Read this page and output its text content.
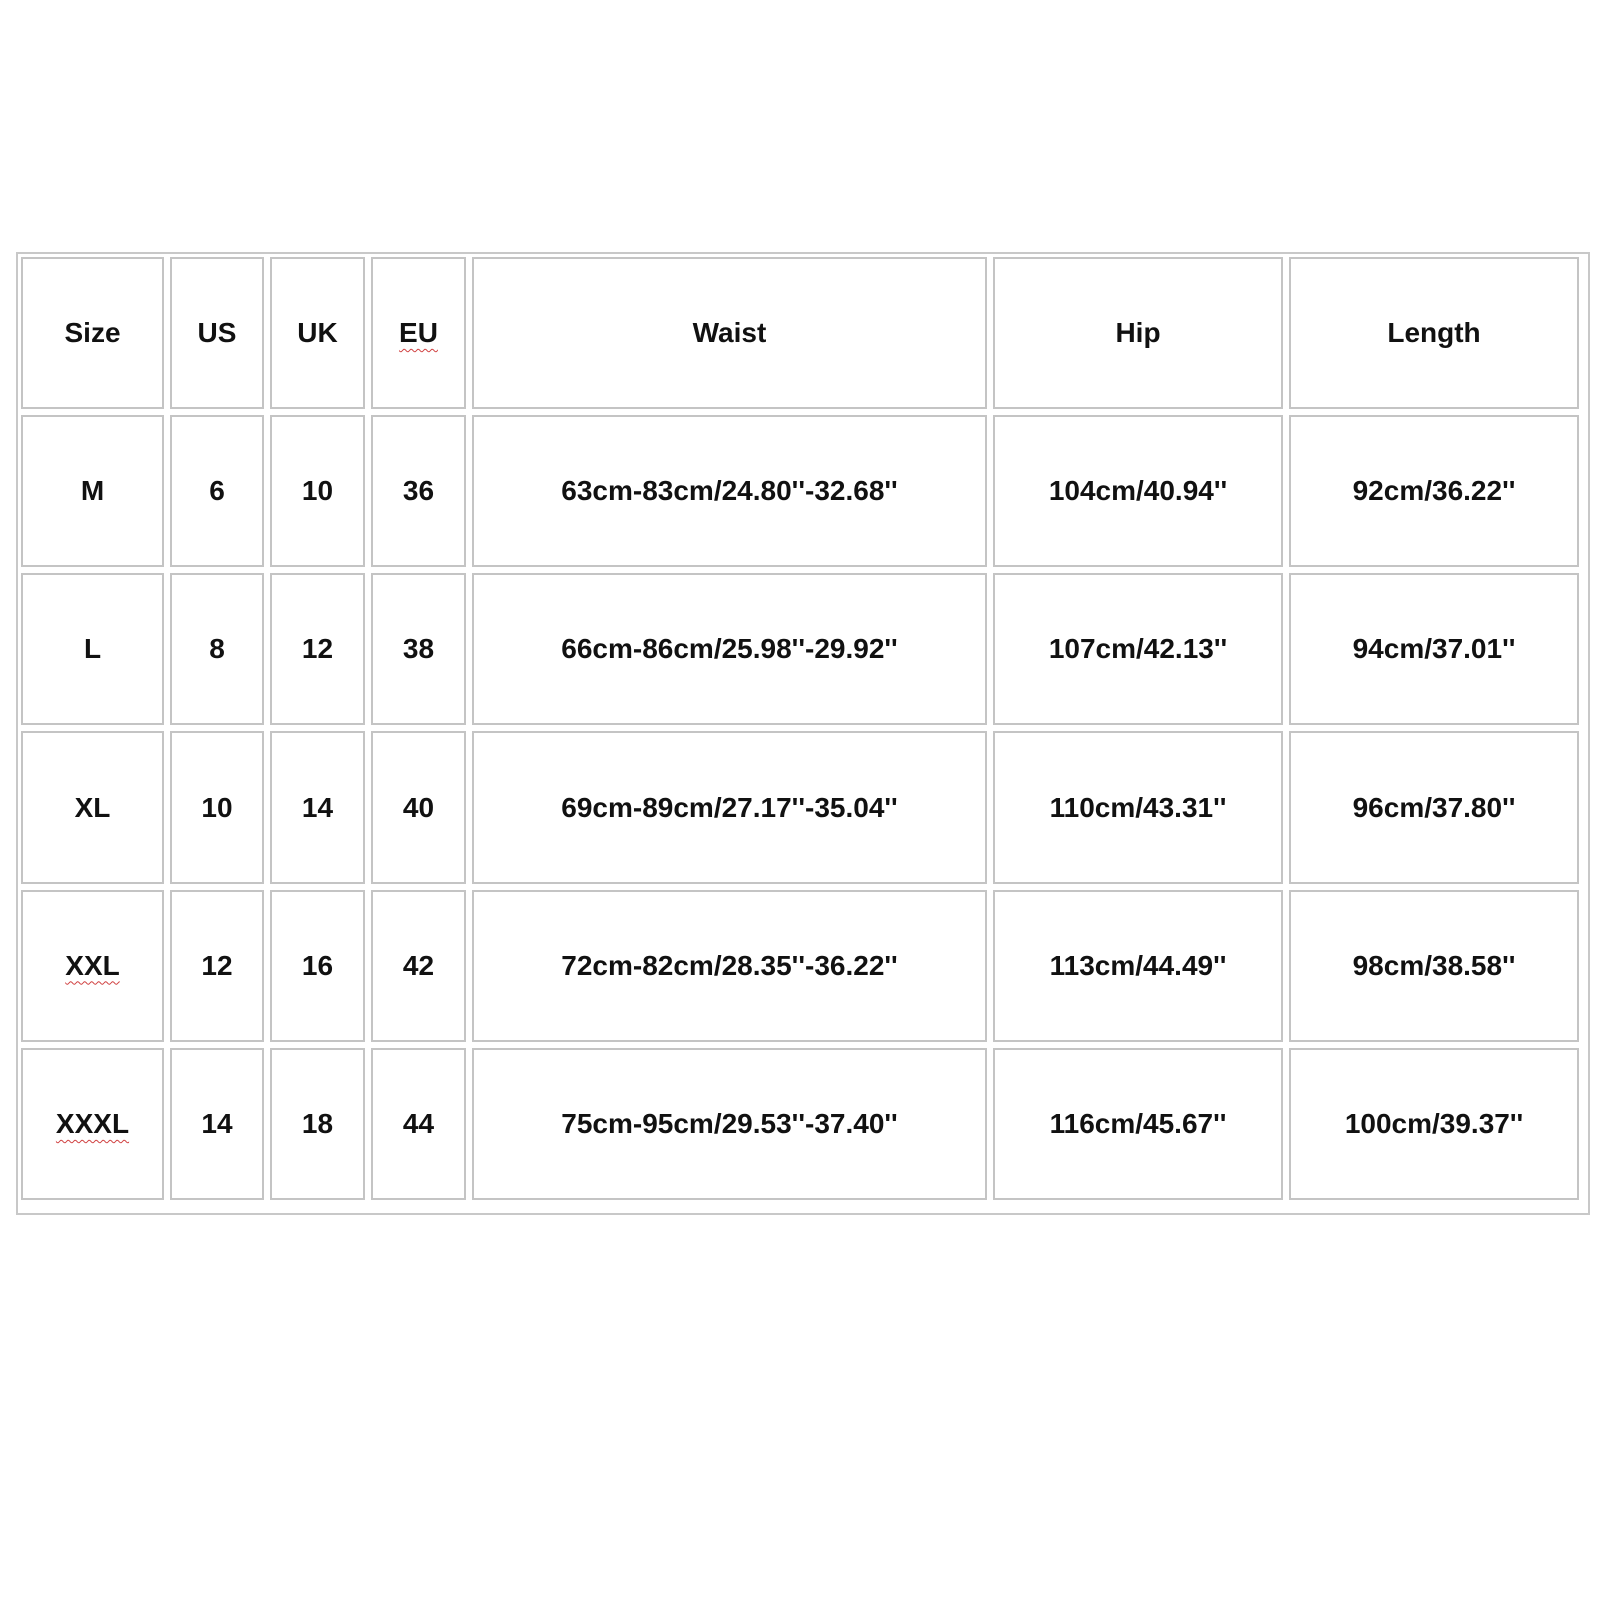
Size	US	UK	EU	Waist	Hip	Length
M	6	10	36	63cm-83cm/24.80''-32.68''	104cm/40.94''	92cm/36.22''
L	8	12	38	66cm-86cm/25.98''-29.92''	107cm/42.13''	94cm/37.01''
XL	10	14	40	69cm-89cm/27.17''-35.04''	110cm/43.31''	96cm/37.80''
XXL	12	16	42	72cm-82cm/28.35''-36.22''	113cm/44.49''	98cm/38.58''
XXXL	14	18	44	75cm-95cm/29.53''-37.40''	116cm/45.67''	100cm/39.37''
